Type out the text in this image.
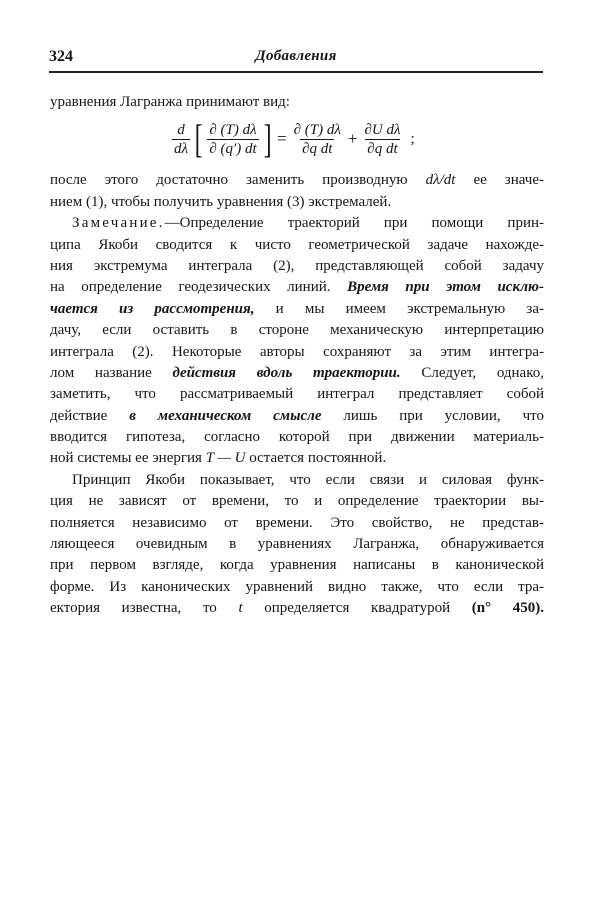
324	Добавления
уравнения Лагранжа принимают вид:
$\frac{d}{d\lambda}$ [ $\frac{\partial (T) d\lambda}{\partial (q') dt}$ ] = $\frac{\partial (T) d\lambda}{\text{∂q dt}} + \frac{\text{∂U dλ}}{\text{∂q dt}}$ ;
после этого достаточно заменить производную dλ/dt ее значе-
нием (1), чтобы получить уравнения (3) экстремалей.
Замечание.—Определение траекторий при помощи прин-
ципа Якоби сводится к чисто геометрической задаче нахожде-
ния экстремума интеграла (2), представляющей собой задачу
на определение геодезических линий. Время при этом исклю-
чается из рассмотрения, и мы имеем экстремальную за-
дачу, если оставить в стороне механическую интерпретацию
интеграла (2). Некоторые авторы сохраняют за этим интегра-
лом название действия вдоль траектории. Следует, однако,
заметить, что рассматриваемый интеграл представляет собой
действие в механическом смысле лишь при условии, что
вводится гипотеза, согласно которой при движении материаль-
ной системы ее энергия T — U остается постоянной.
Принцип Якоби показывает, что если связи и силовая функ-
ция не зависят от времени, то и определение траектории вы-
полняется независимо от времени. Это свойство, не представ-
ляющееся очевидным в уравнениях Лагранжа, обнаруживается
при первом взгляде, когда уравнения написаны в канонической
форме. Из канонических уравнений видно также, что если тра-
ектория известна, то t определяется квадратурой (n° 450).
